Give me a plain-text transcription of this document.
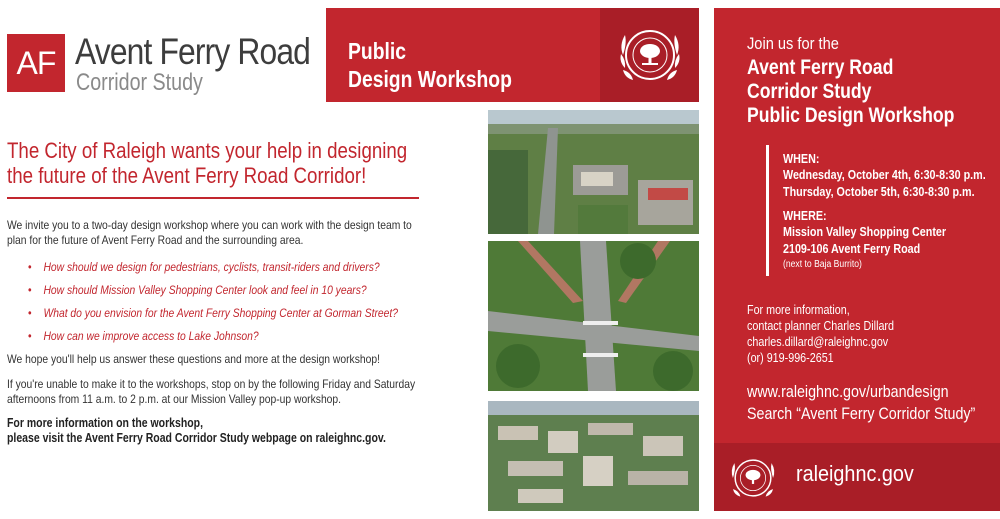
AF Avent Ferry Road
Corridor Study
Public
Design Workshop
The City of Raleigh wants your help in designing
the future of the Avent Ferry Road Corridor!
We invite you to a two-day design workshop where you can work with the design team to
plan for the future of Avent Ferry Road and the surrounding area.
• How should we design for pedestrians, cyclists, transit-riders and drivers?
• How should Mission Valley Shopping Center look and feel in 10 years?
• What do you envision for the Avent Ferry Shopping Center at Gorman Street?
• How can we improve access to Lake Johnson?
We hope you'll help us answer these questions and more at the design workshop!
If you're unable to make it to the workshops, stop on by the following Friday and Saturday
afternoons from 11 a.m. to 2 p.m. at our Mission Valley pop-up workshop.
For more information on the workshop,
please visit the Avent Ferry Road Corridor Study webpage on raleighnc.gov.
Join us for the
Avent Ferry Road
Corridor Study
Public Design Workshop
WHEN:
Wednesday, October 4th, 6:30-8:30 p.m.
Thursday, October 5th, 6:30-8:30 p.m.
WHERE:
Mission Valley Shopping Center
2109-106 Avent Ferry Road
(next to Baja Burrito)
For more information,
contact planner Charles Dillard
charles.dillard@raleighnc.gov
(or) 919-996-2651
www.raleighnc.gov/urbandesign
Search “Avent Ferry Corridor Study”
raleighnc.gov
